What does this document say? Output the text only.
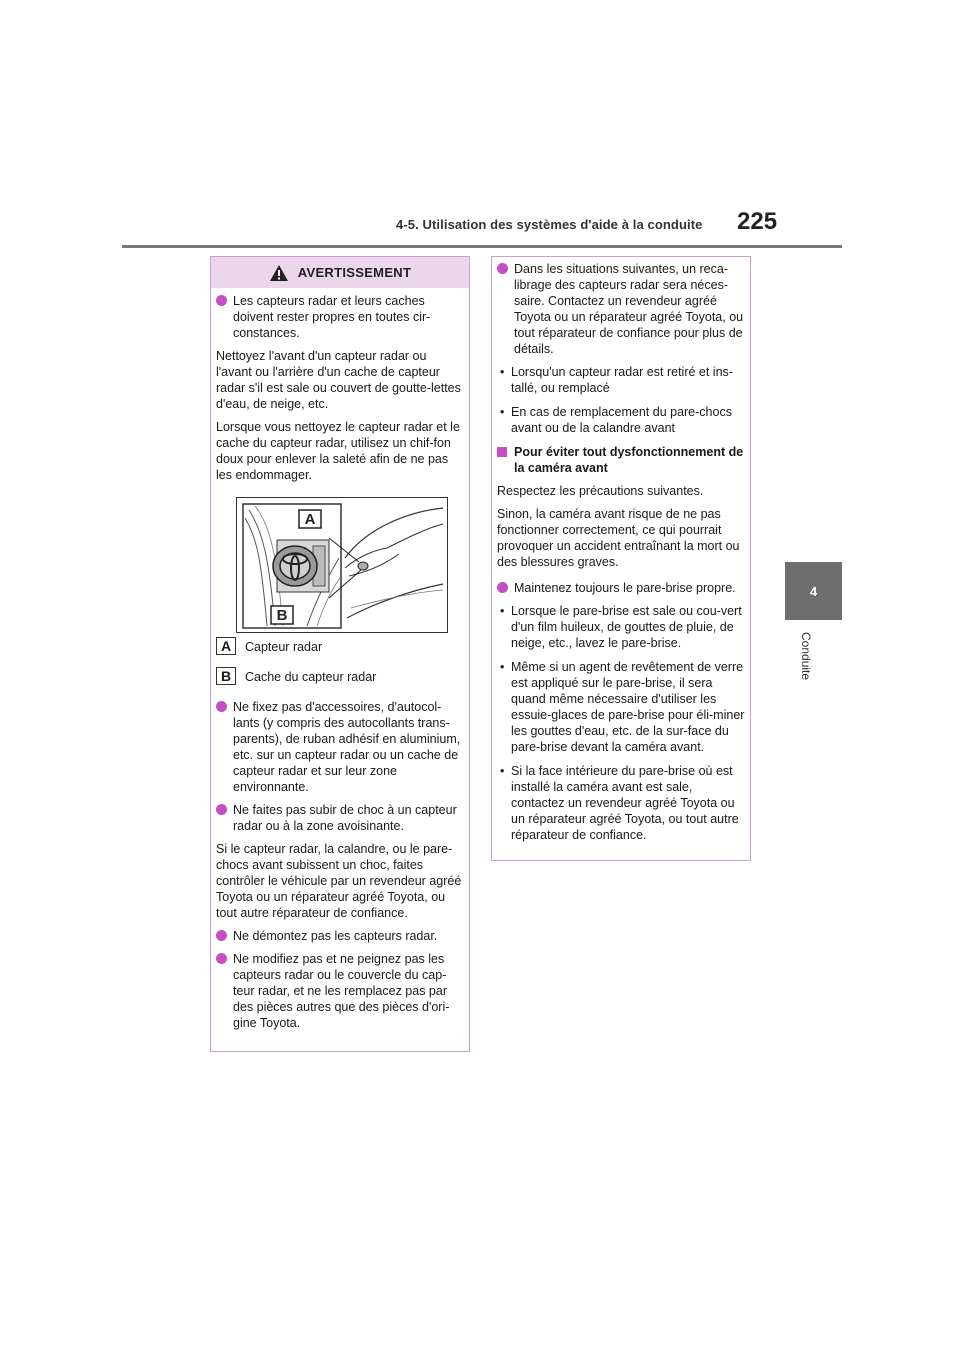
4-5. Utilisation des systèmes d'aide à la conduite 225
4
Conduite
AVERTISSEMENT
Les capteurs radar et leurs caches doivent rester propres en toutes cir-constances.
Nettoyez l'avant d'un capteur radar ou l'avant ou l'arrière d'un cache de capteur radar s'il est sale ou couvert de goutte-lettes d'eau, de neige, etc.
Lorsque vous nettoyez le capteur radar et le cache du capteur radar, utilisez un chif-fon doux pour enlever la saleté afin de ne pas les endommager.
A
B
A	Capteur radar
B	Cache du capteur radar
Ne fixez pas d'accessoires, d'autocol-lants (y compris des autocollants trans-parents), de ruban adhésif en aluminium, etc. sur un capteur radar ou un cache de capteur radar et sur leur zone environnante.
Ne faites pas subir de choc à un capteur radar ou à la zone avoisinante.
Si le capteur radar, la calandre, ou le pare-chocs avant subissent un choc, faites contrôler le véhicule par un revendeur agréé Toyota ou un réparateur agréé Toyota, ou tout autre réparateur de confiance.
Ne démontez pas les capteurs radar.
Ne modifiez pas et ne peignez pas les capteurs radar ou le couvercle du cap-teur radar, et ne les remplacez pas par des pièces autres que des pièces d'ori-gine Toyota.
Dans les situations suivantes, un reca-librage des capteurs radar sera néces-saire. Contactez un revendeur agréé Toyota ou un réparateur agréé Toyota, ou tout réparateur de confiance pour plus de détails.
• Lorsqu'un capteur radar est retiré et ins-tallé, ou remplacé
• En cas de remplacement du pare-chocs avant ou de la calandre avant
Pour éviter tout dysfonctionnement de la caméra avant
Respectez les précautions suivantes.
Sinon, la caméra avant risque de ne pas fonctionner correctement, ce qui pourrait provoquer un accident entraînant la mort ou des blessures graves.
Maintenez toujours le pare-brise propre.
• Lorsque le pare-brise est sale ou cou-vert d'un film huileux, de gouttes de pluie, de neige, etc., lavez le pare-brise.
• Même si un agent de revêtement de verre est appliqué sur le pare-brise, il sera quand même nécessaire d'utiliser les essuie-glaces de pare-brise pour éli-miner les gouttes d'eau, etc. de la sur-face du pare-brise devant la caméra avant.
• Si la face intérieure du pare-brise où est installé la caméra avant est sale, contactez un revendeur agréé Toyota ou un réparateur agréé Toyota, ou tout autre réparateur de confiance.
